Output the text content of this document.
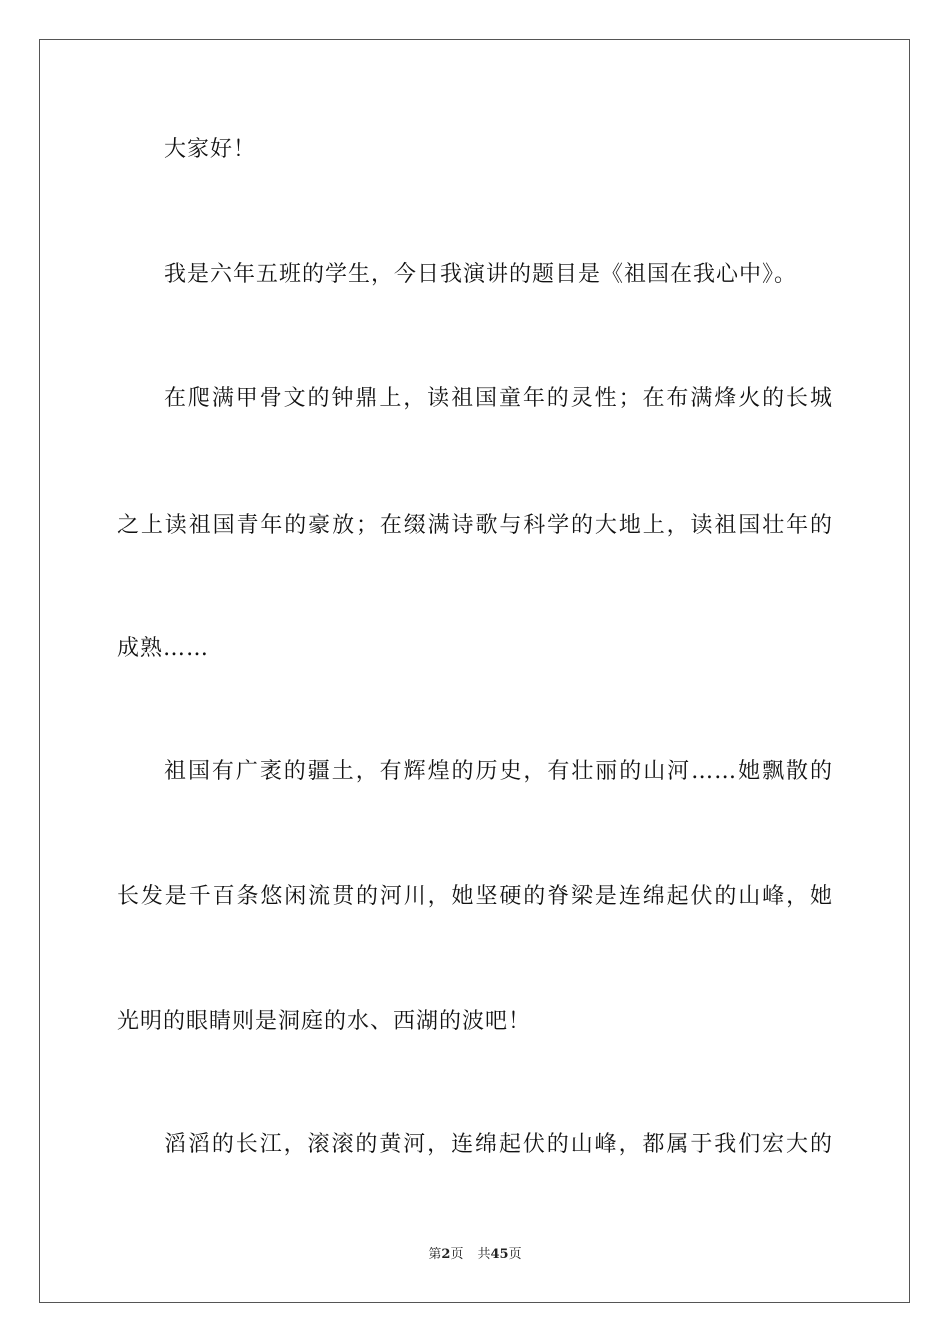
大家好！
我是六年五班的学生，今日我演讲的题目是《祖国在我心中》。
在爬满甲骨文的钟鼎上，读祖国童年的灵性；在布满烽火的长城
之上读祖国青年的豪放；在缀满诗歌与科学的大地上，读祖国壮年的
成熟……
祖国有广袤的疆土，有辉煌的历史，有壮丽的山河……她飘散的
长发是千百条悠闲流贯的河川，她坚硬的脊梁是连绵起伏的山峰，她
光明的眼睛则是洞庭的水、西湖的波吧！
滔滔的长江，滚滚的黄河，连绵起伏的山峰，都属于我们宏大的
第2页 共45页
